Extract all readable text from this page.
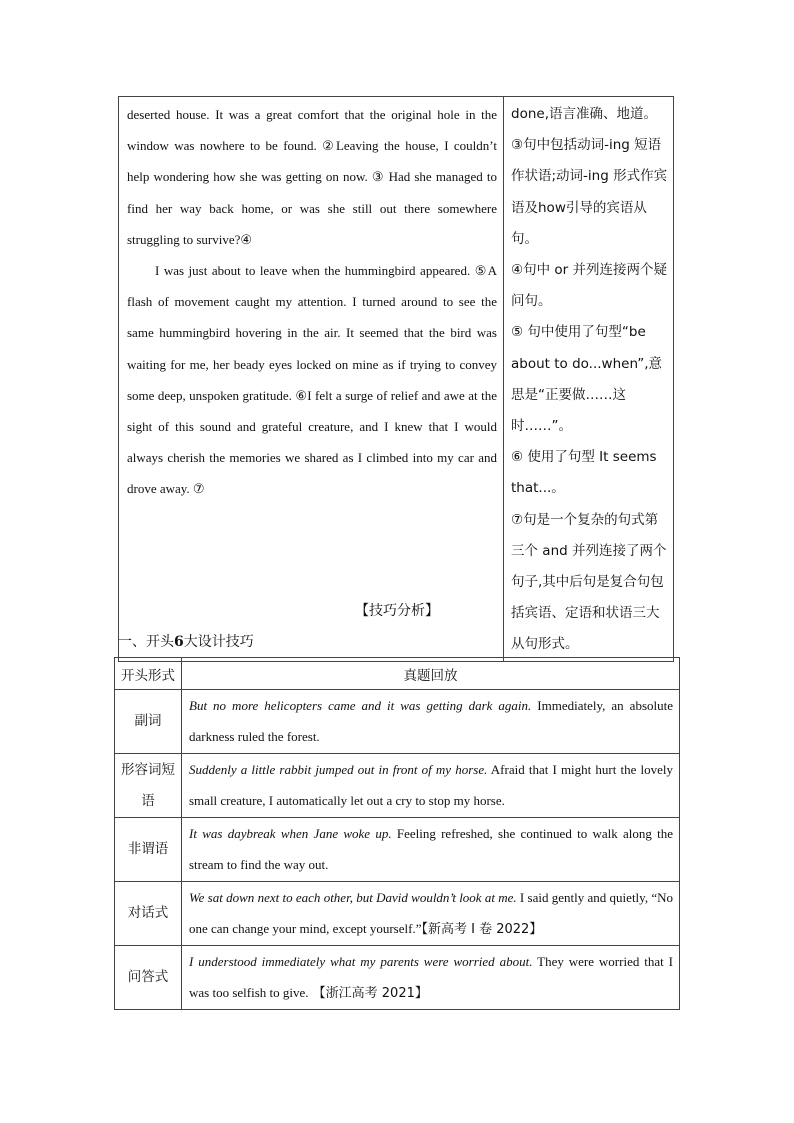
deserted house. It was a great comfort that the original hole in the window was nowhere to be found. ②Leaving the house, I couldn’t help wondering how she was getting on now. ③ Had she managed to find her way back home, or was she still out there somewhere struggling to survive?④

I was just about to leave when the hummingbird appeared. ⑤A flash of movement caught my attention. I turned around to see the same hummingbird hovering in the air. It seemed that the bird was waiting for me, her beady eyes locked on mine as if trying to convey some deep, unspoken gratitude. ⑥I felt a surge of relief and awe at the sight of this sound and grateful creature, and I knew that I would always cherish the memories we shared as I climbed into my car and drove away. ⑦

done,语言准确、地道。

③句中包括动词-ing 短语作状语;动词-ing 形式作宾语及how引导的宾语从句。

④句中 or 并列连接两个疑问句。

⑤ 句中使用了句型“be about to do...when”,意思是“正要做……这时……”。

⑥ 使用了句型 It seems that...。

⑦句是一个复杂的句式第三个 and 并列连接了两个句子,其中后句是复合句包括宾语、定语和状语三大从句形式。

【技巧分析】
一、开头6大设计技巧
开头形式	真题回放
副词	But no more helicopters came and it was getting dark again. Immediately, an absolute darkness ruled the forest.
形容词短语	Suddenly a little rabbit jumped out in front of my horse. Afraid that I might hurt the lovely small creature, I automatically let out a cry to stop my horse.
非谓语	It was daybreak when Jane woke up. Feeling refreshed, she continued to walk along the stream to find the way out.
对话式	We sat down next to each other, but David wouldn’t look at me. I said gently and quietly, “No one can change your mind, except yourself.”【新高考 I 卷 2022】
问答式	I understood immediately what my parents were worried about. They were worried that I was too selfish to give. 【浙江高考 2021】
